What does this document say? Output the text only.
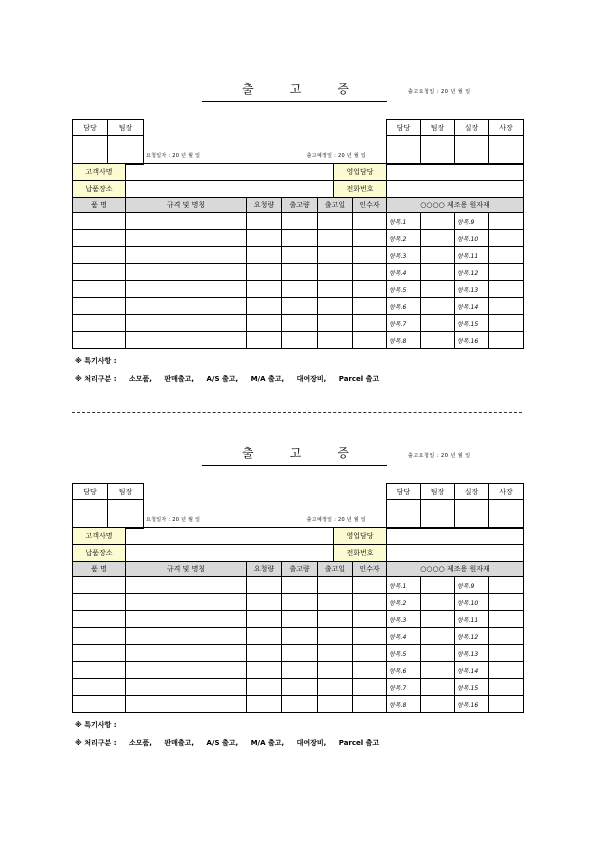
출	고	증	출고요청일 : 20 년 월 일
담당	팀장	요청일자 : 20 년 월 일 출고예정일 : 20 년 월 일	담당	팀장	실장	사장

고객사명		영업담당	
납품장소		전화번호	
품 명	규격 및 명칭	요청량	출고량	출고일	인수자	○○○○ 제조용 원자재			
						항목.1		항목.9	
						항목.2		항목.10	
						항목.3		항목.11	
						항목.4		항목.12	
						항목.5		항목.13	
						항목.6		항목.14	
						항목.7		항목.15	
						항목.8		항목.16	
※ 특기사항 :
※ 처리구분 : 소모품, 판매출고, A/S 출고, M/A 출고, 대여장비, Parcel 출고
출	고	증	출고요청일 : 20 년 월 일
담당	팀장	요청일자 : 20 년 월 일 출고예정일 : 20 년 월 일	담당	팀장	실장	사장

고객사명		영업담당	
납품장소		전화번호	
품 명	규격 및 명칭	요청량	출고량	출고일	인수자	○○○○ 제조용 원자재			
						항목.1		항목.9	
						항목.2		항목.10	
						항목.3		항목.11	
						항목.4		항목.12	
						항목.5		항목.13	
						항목.6		항목.14	
						항목.7		항목.15	
						항목.8		항목.16	
※ 특기사항 :
※ 처리구분 : 소모품, 판매출고, A/S 출고, M/A 출고, 대여장비, Parcel 출고
